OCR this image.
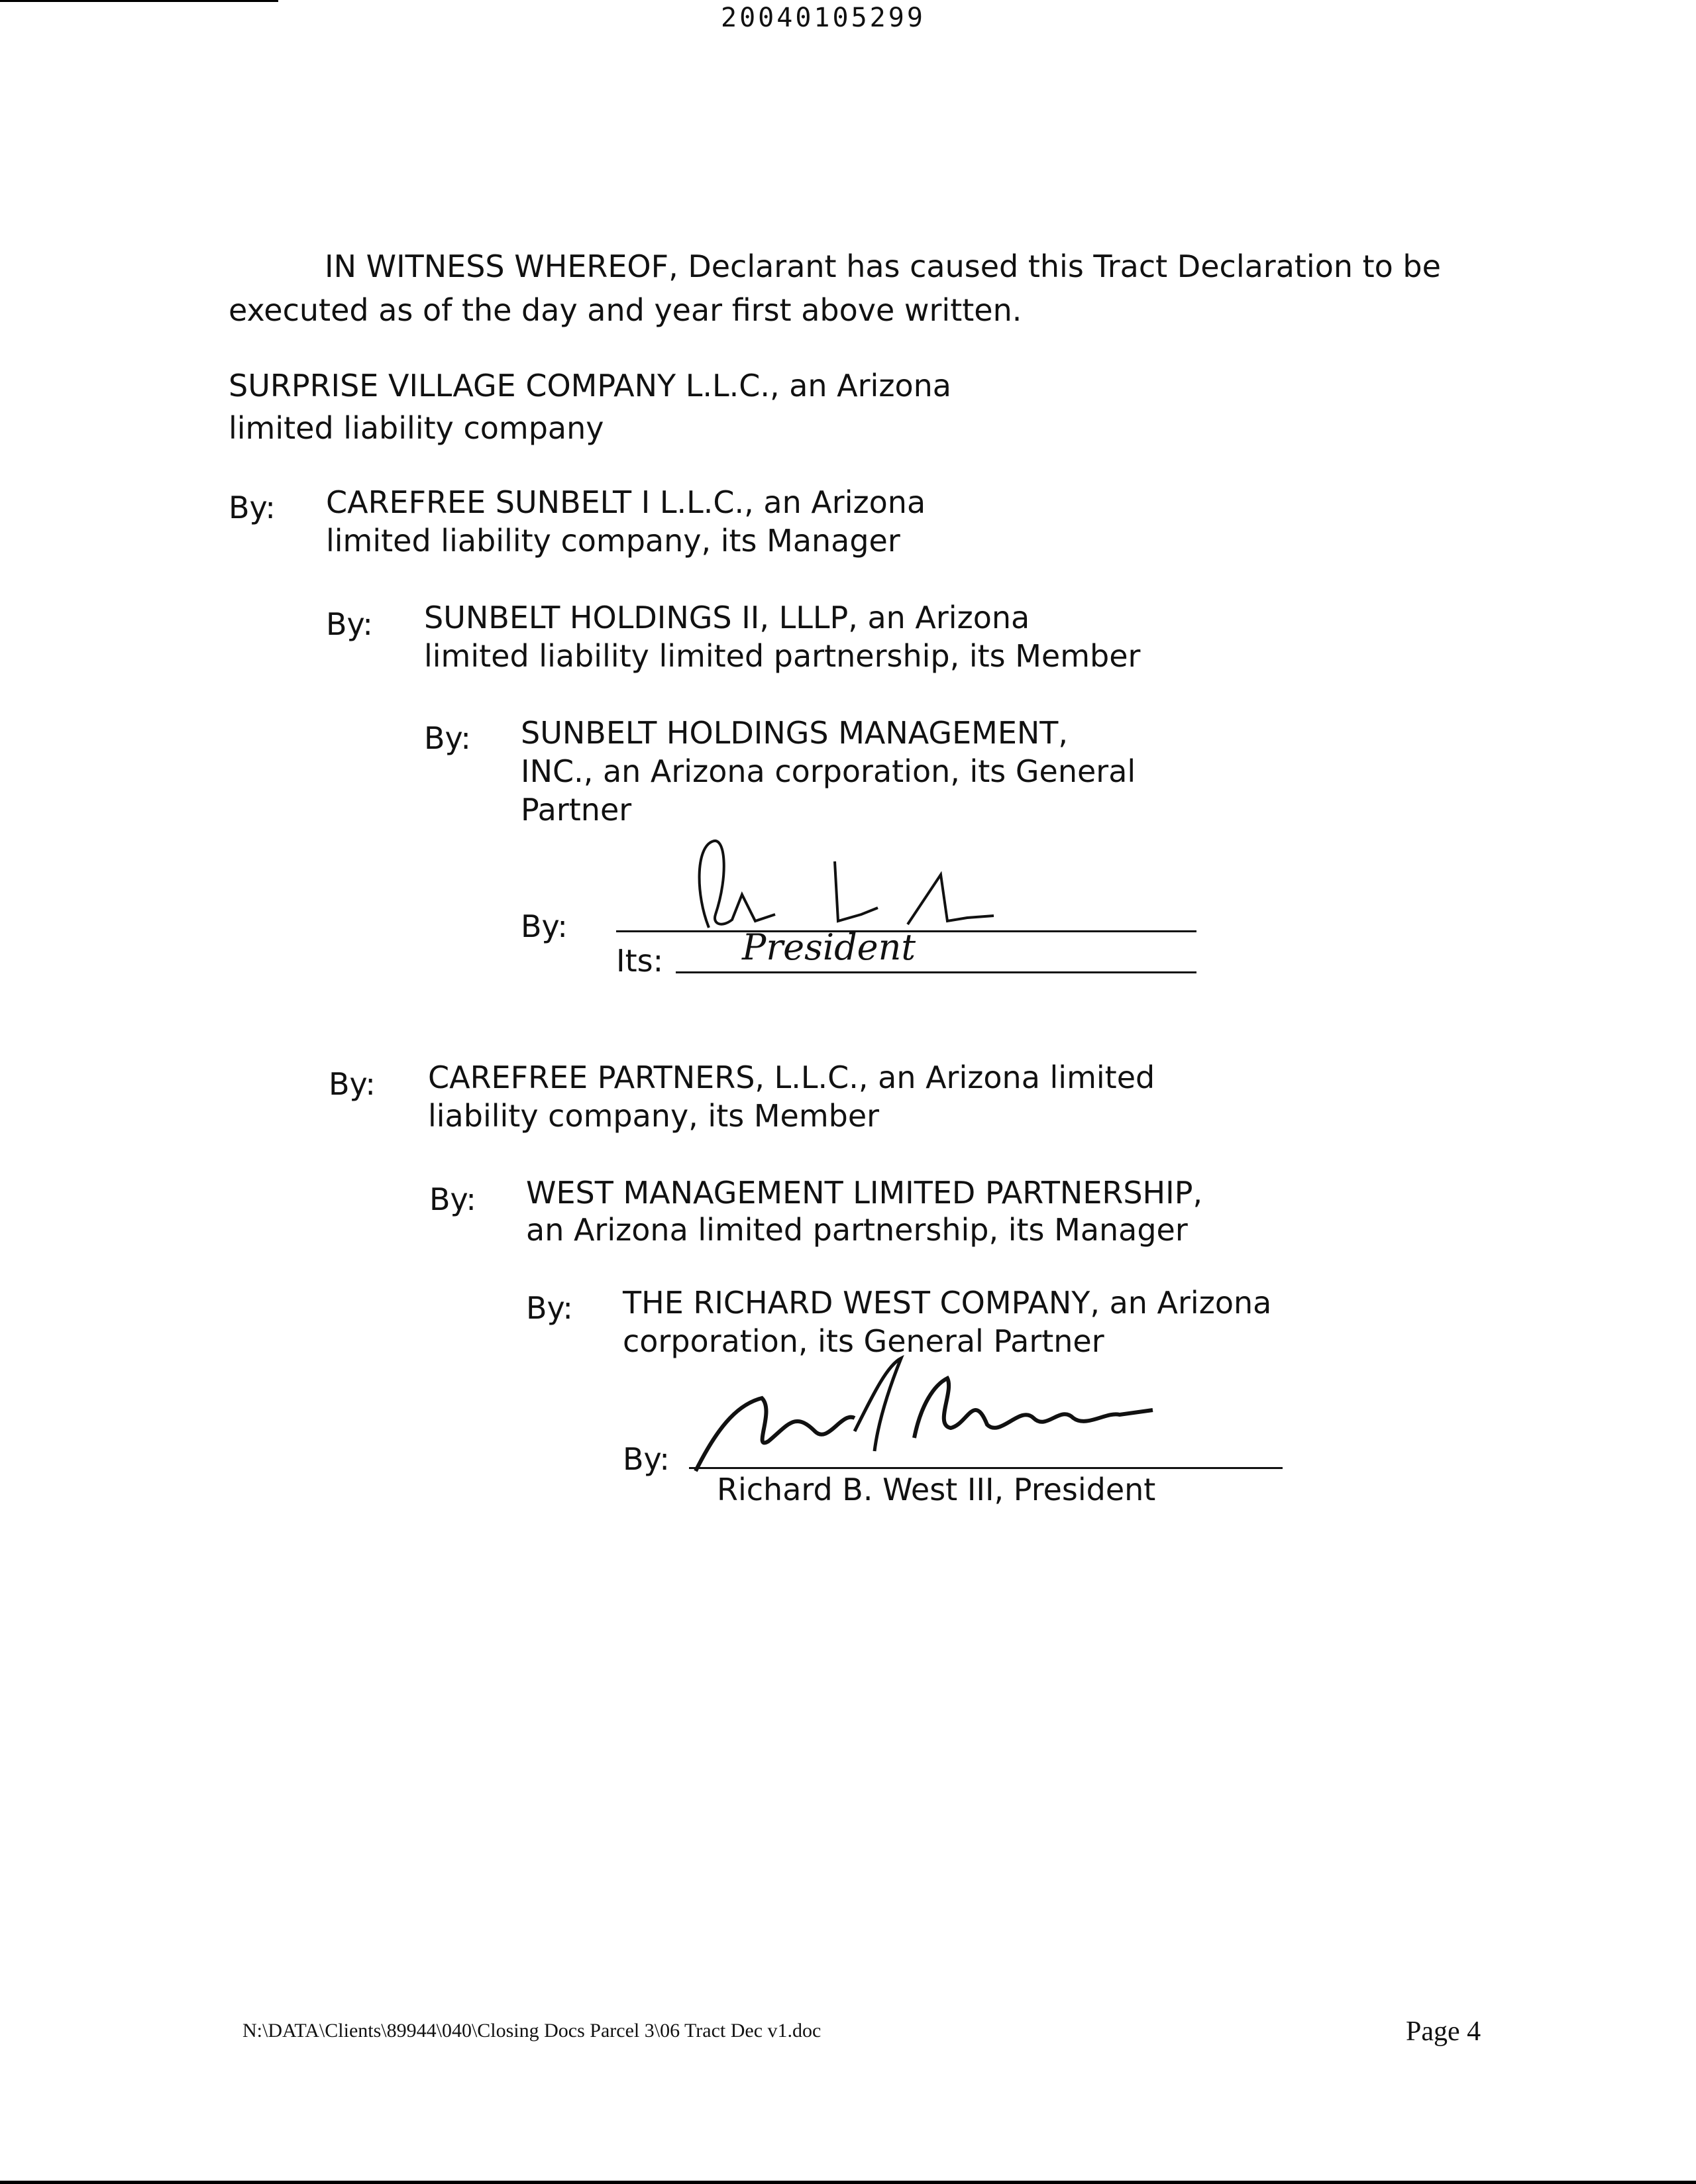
20040105299
IN WITNESS WHEREOF, Declarant has caused this Tract Declaration to be
executed as of the day and year first above written.
SURPRISE VILLAGE COMPANY L.L.C., an Arizona
limited liability company
By: CAREFREE SUNBELT I L.L.C., an Arizona
limited liability company, its Manager
By: SUNBELT HOLDINGS II, LLLP, an Arizona
limited liability limited partnership, its Member
By: SUNBELT HOLDINGS MANAGEMENT,
INC., an Arizona corporation, its General
Partner
By:
Its: President
By: CAREFREE PARTNERS, L.L.C., an Arizona limited
liability company, its Member
By: WEST MANAGEMENT LIMITED PARTNERSHIP,
an Arizona limited partnership, its Manager
By: THE RICHARD WEST COMPANY, an Arizona
corporation, its General Partner
By:
Richard B. West III, President
N:\DATA\Clients\89944\040\Closing Docs Parcel 3\06 Tract Dec v1.doc	Page 4
